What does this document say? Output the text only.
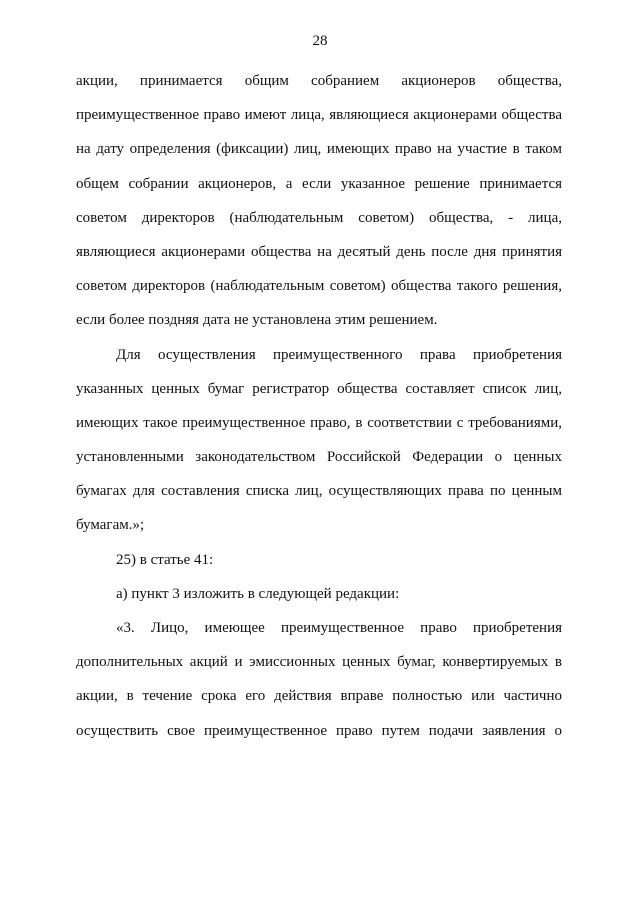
28
акции, принимается общим собранием акционеров общества,
преимущественное право имеют лица, являющиеся акционерами общества
на дату определения (фиксации) лиц, имеющих право на участие в таком
общем собрании акционеров, а если указанное решение принимается
советом директоров (наблюдательным советом) общества, - лица,
являющиеся акционерами общества на десятый день после дня принятия
советом директоров (наблюдательным советом) общества такого решения,
если более поздняя дата не установлена этим решением.
Для осуществления преимущественного права приобретения
указанных ценных бумаг регистратор общества составляет список лиц,
имеющих такое преимущественное право, в соответствии с требованиями,
установленными законодательством Российской Федерации о ценных
бумагах для составления списка лиц, осуществляющих права по ценным
бумагам.»;
25) в статье 41:
а) пункт 3 изложить в следующей редакции:
«3. Лицо, имеющее преимущественное право приобретения
дополнительных акций и эмиссионных ценных бумаг, конвертируемых в
акции, в течение срока его действия вправе полностью или частично
осуществить свое преимущественное право путем подачи заявления о
